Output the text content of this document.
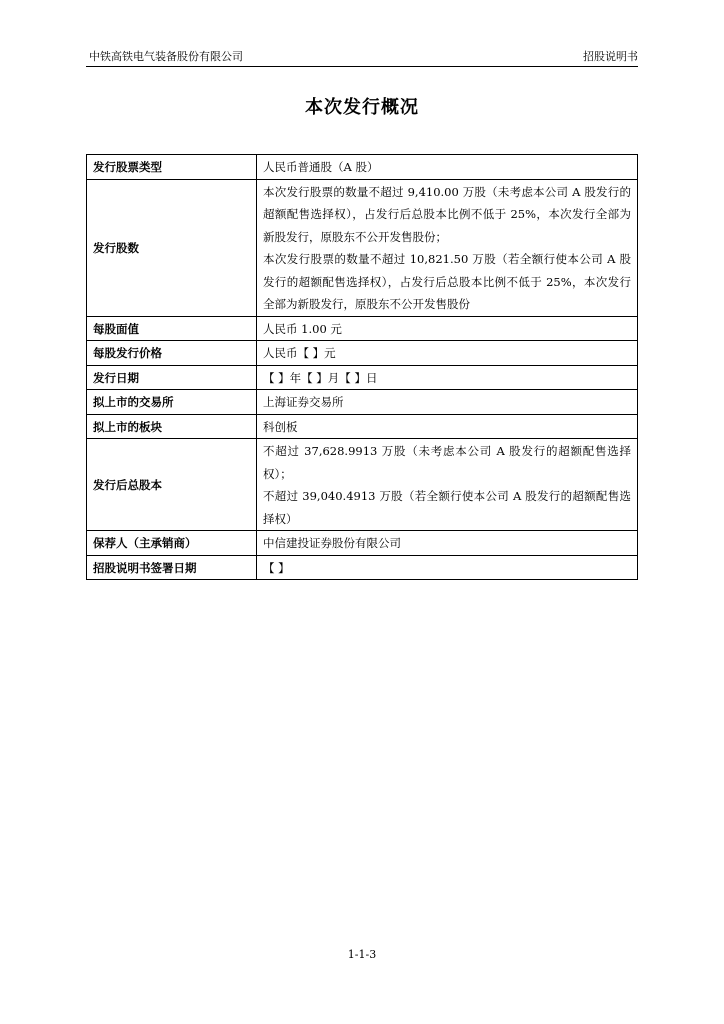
中铁高铁电气装备股份有限公司	招股说明书
本次发行概况
发行股票类型	人民币普通股（A 股）

发行股数	本次发行股票的数量不超过 9,410.00 万股（未考虑本公司 A 股发行的超额配售选择权），占发行后总股本比例不低于 25%，本次发行全部为新股发行，原股东不公开发售股份；
本次发行股票的数量不超过 10,821.50 万股（若全额行使本公司 A 股发行的超额配售选择权），占发行后总股本比例不低于 25%，本次发行全部为新股发行，原股东不公开发售股份

每股面值	人民币 1.00 元

每股发行价格	人民币【 】元

发行日期	【 】年【 】月【 】日

拟上市的交易所	上海证券交易所

拟上市的板块	科创板

发行后总股本	不超过 37,628.9913 万股（未考虑本公司 A 股发行的超额配售选择权）；
不超过 39,040.4913 万股（若全额行使本公司 A 股发行的超额配售选择权）

保荐人（主承销商）	中信建投证券股份有限公司

招股说明书签署日期	【 】
1-1-3
